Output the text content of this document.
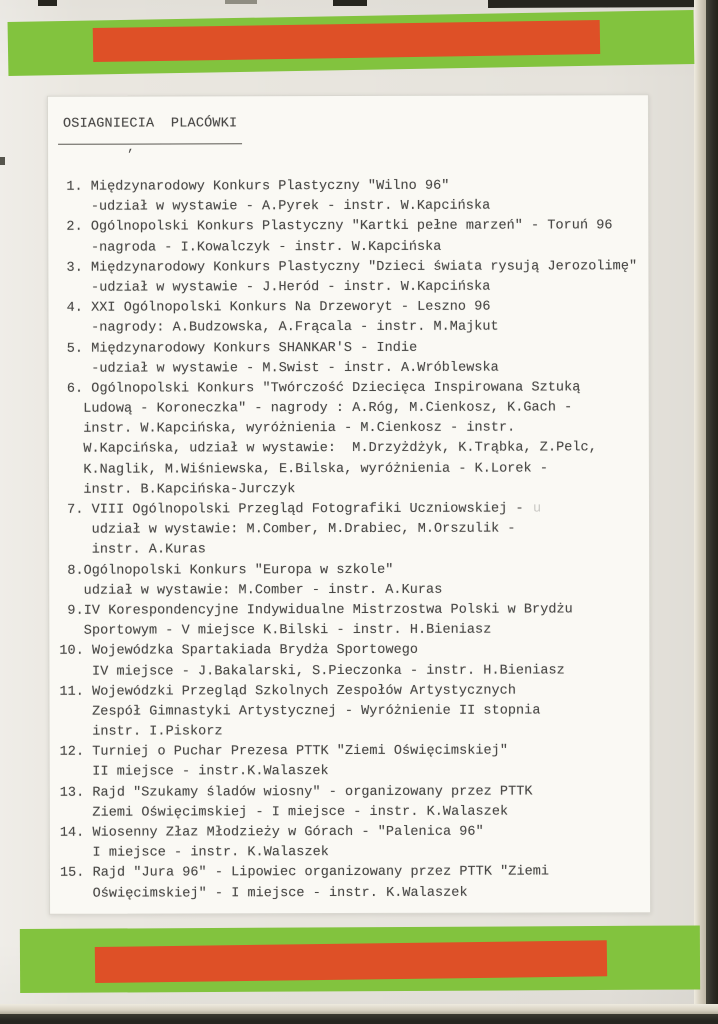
OSIAGNIECIA  PLACÓWKI
,
1. Międzynarodowy Konkurs Plastyczny "Wilno 96"
-udział w wystawie - A.Pyrek - instr. W.Kapcińska
2. Ogólnopolski Konkurs Plastyczny "Kartki pełne marzeń" - Toruń 96
-nagroda - I.Kowalczyk - instr. W.Kapcińska
3. Międzynarodowy Konkurs Plastyczny "Dzieci świata rysują Jerozolimę"
-udział w wystawie - J.Heród - instr. W.Kapcińska
4. XXI Ogólnopolski Konkurs Na Drzeworyt - Leszno 96
-nagrody: A.Budzowska, A.Frącala - instr. M.Majkut
5. Międzynarodowy Konkurs SHANKAR'S - Indie
-udział w wystawie - M.Swist - instr. A.Wróblewska
6. Ogólnopolski Konkurs "Twórczość Dziecięca Inspirowana Sztuką
Ludową - Koroneczka" - nagrody : A.Róg, M.Cienkosz, K.Gach -
instr. W.Kapcińska, wyróżnienia - M.Cienkosz - instr.
W.Kapcińska, udział w wystawie:  M.Drzyżdżyk, K.Trąbka, Z.Pelc,
K.Naglik, M.Wiśniewska, E.Bilska, wyróżnienia - K.Lorek -
instr. B.Kapcińska-Jurczyk
7. VIII Ogólnopolski Przegląd Fotografiki Uczniowskiej -
udział w wystawie: M.Comber, M.Drabiec, M.Orszulik -
instr. A.Kuras
8.Ogólnopolski Konkurs "Europa w szkole"
udział w wystawie: M.Comber - instr. A.Kuras
9.IV Korespondencyjne Indywidualne Mistrzostwa Polski w Brydżu
Sportowym - V miejsce K.Bilski - instr. H.Bieniasz
10. Wojewódzka Spartakiada Brydża Sportowego
IV miejsce - J.Bakalarski, S.Pieczonka - instr. H.Bieniasz
11. Wojewódzki Przegląd Szkolnych Zespołów Artystycznych
Zespół Gimnastyki Artystycznej - Wyróżnienie II stopnia
instr. I.Piskorz
12. Turniej o Puchar Prezesa PTTK "Ziemi Oświęcimskiej"
II miejsce - instr.K.Walaszek
13. Rajd "Szukamy śladów wiosny" - organizowany przez PTTK
Ziemi Oświęcimskiej - I miejsce - instr. K.Walaszek
14. Wiosenny Złaz Młodzieży w Górach - "Palenica 96"
I miejsce - instr. K.Walaszek
15. Rajd "Jura 96" - Lipowiec organizowany przez PTTK "Ziemi
Oświęcimskiej" - I miejsce - instr. K.Walaszek
u
